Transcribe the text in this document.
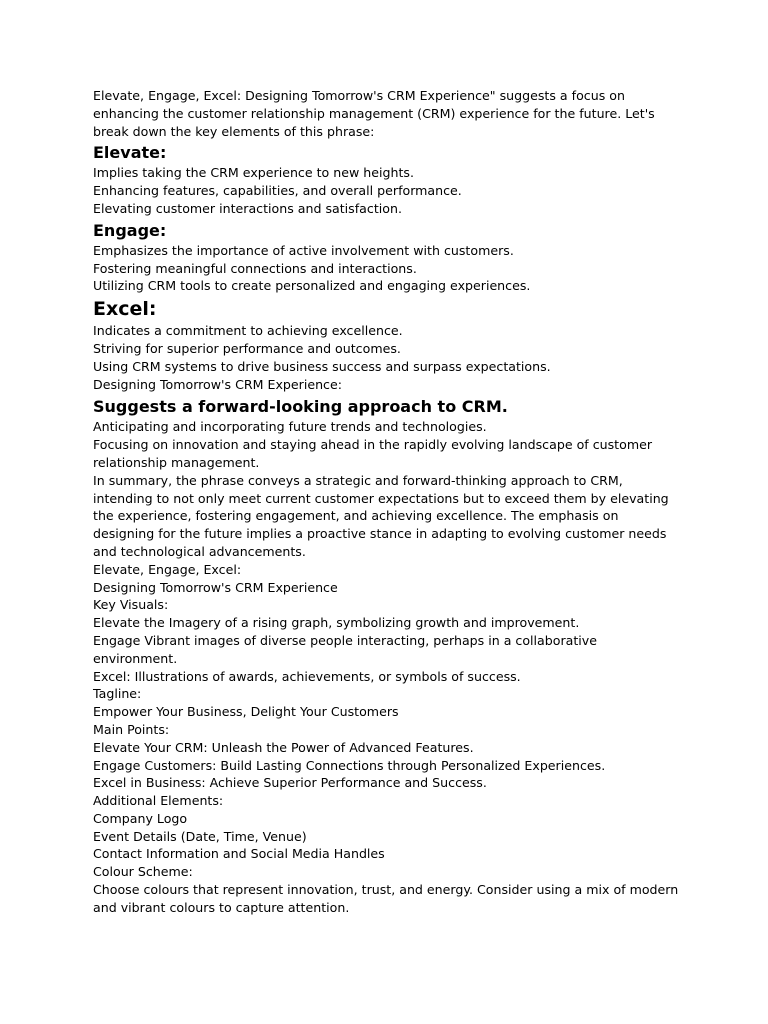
Elevate, Engage, Excel: Designing Tomorrow's CRM Experience" suggests a focus on enhancing the customer relationship management (CRM) experience for the future. Let's break down the key elements of this phrase:

Elevate:

Implies taking the CRM experience to new heights.

Enhancing features, capabilities, and overall performance.

Elevating customer interactions and satisfaction.

Engage:

Emphasizes the importance of active involvement with customers.

Fostering meaningful connections and interactions.

Utilizing CRM tools to create personalized and engaging experiences.

Excel:

Indicates a commitment to achieving excellence.

Striving for superior performance and outcomes.

Using CRM systems to drive business success and surpass expectations.

Designing Tomorrow's CRM Experience:

Suggests a forward-looking approach to CRM.

Anticipating and incorporating future trends and technologies.

Focusing on innovation and staying ahead in the rapidly evolving landscape of customer relationship management.

In summary, the phrase conveys a strategic and forward-thinking approach to CRM, intending to not only meet current customer expectations but to exceed them by elevating the experience, fostering engagement, and achieving excellence. The emphasis on designing for the future implies a proactive stance in adapting to evolving customer needs and technological advancements.

Elevate, Engage, Excel:

Designing Tomorrow's CRM Experience

Key Visuals:

Elevate the Imagery of a rising graph, symbolizing growth and improvement.

Engage Vibrant images of diverse people interacting, perhaps in a collaborative environment.

Excel: Illustrations of awards, achievements, or symbols of success.

Tagline:

Empower Your Business, Delight Your Customers

Main Points:

Elevate Your CRM: Unleash the Power of Advanced Features.

Engage Customers: Build Lasting Connections through Personalized Experiences.

Excel in Business: Achieve Superior Performance and Success.

Additional Elements:

Company Logo

Event Details (Date, Time, Venue)

Contact Information and Social Media Handles

Colour Scheme:

Choose colours that represent innovation, trust, and energy. Consider using a mix of modern and vibrant colours to capture attention.
